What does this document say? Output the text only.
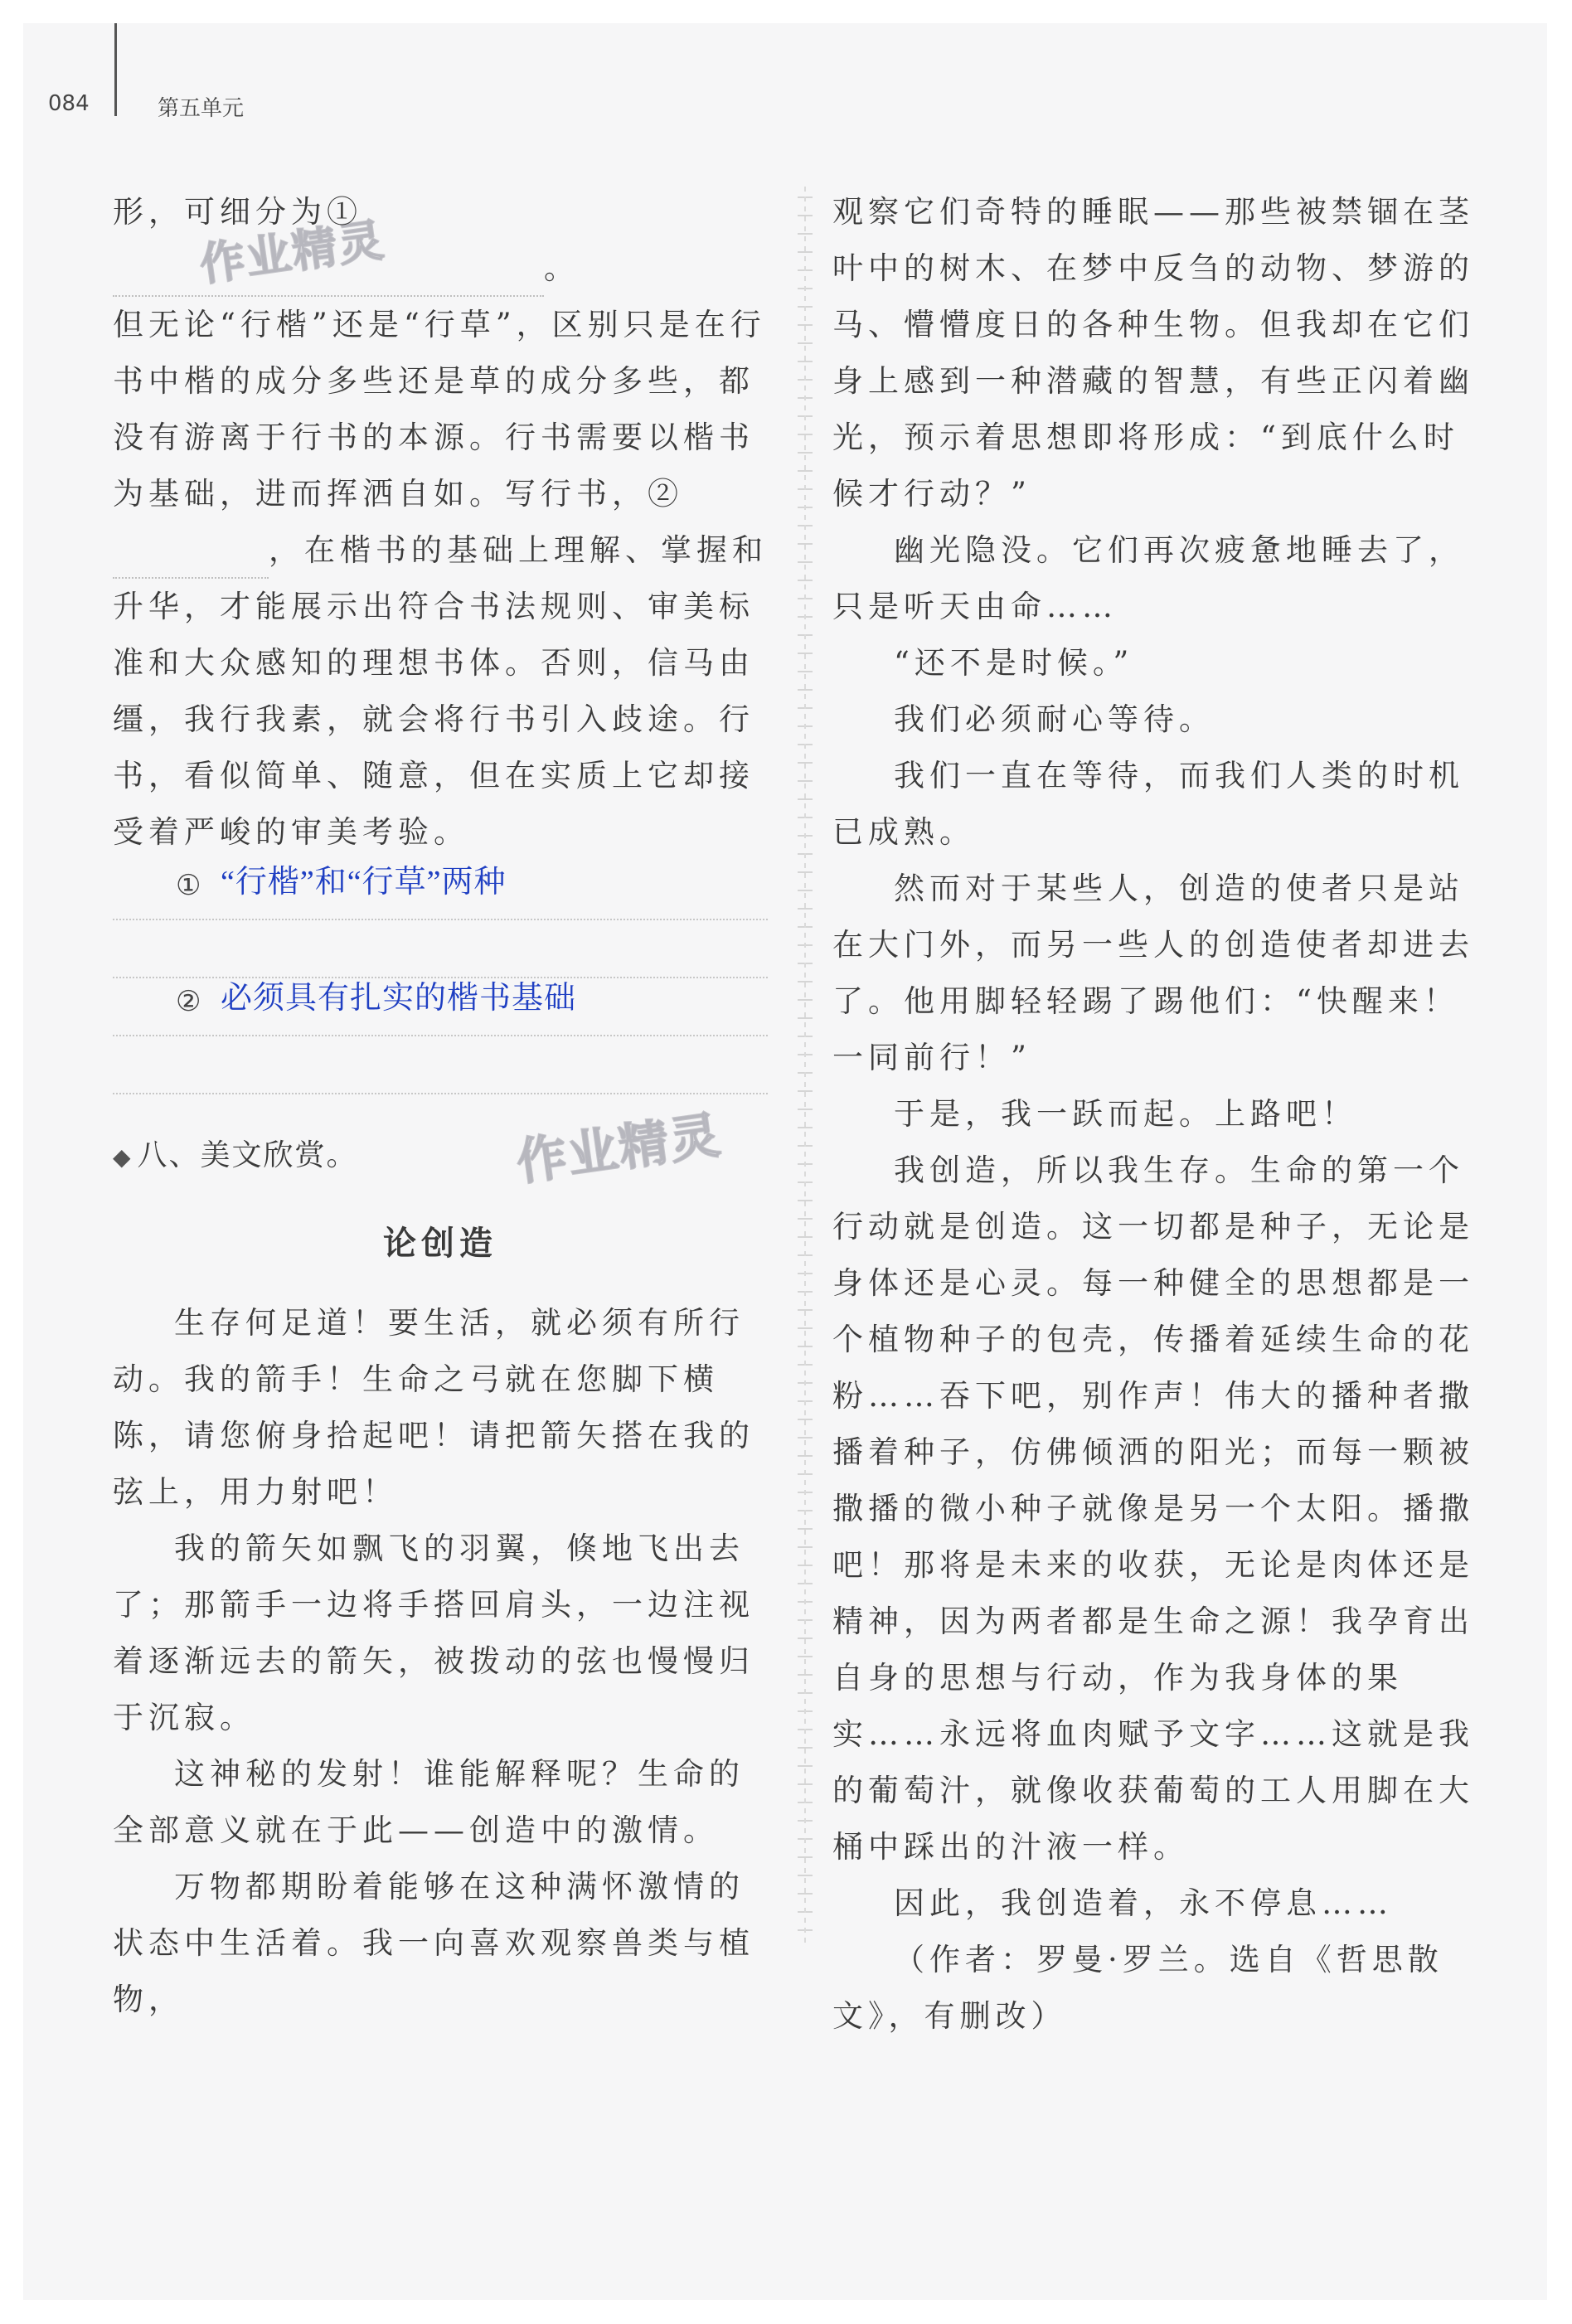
084	第五单元
作业精灵
作业精灵

形，可细分为①。

但无论“行楷”还是“行草”，区别只是在行书中楷的成分多些还是草的成分多些，都没有游离于行书的本源。行书需要以楷书为基础，进而挥洒自如。写行书，②

，在楷书的基础上理解、掌握和升华，才能展示出符合书法规则、审美标准和大众感知的理想书体。否则，信马由缰，我行我素，就会将行书引入歧途。行书，看似简单、随意，但在实质上它却接受着严峻的审美考验。

① “行楷”和“行草”两种
② 必须具有扎实的楷书基础
◆ 八、美文欣赏。
论创造

生存何足道！要生活，就必须有所行动。我的箭手！生命之弓就在您脚下横陈，请您俯身拾起吧！请把箭矢搭在我的弦上，用力射吧！

我的箭矢如飘飞的羽翼，倏地飞出去了；那箭手一边将手搭回肩头，一边注视着逐渐远去的箭矢，被拨动的弦也慢慢归于沉寂。

这神秘的发射！谁能解释呢？生命的全部意义就在于此——创造中的激情。

万物都期盼着能够在这种满怀激情的状态中生活着。我一向喜欢观察兽类与植物，

观察它们奇特的睡眠——那些被禁锢在茎叶中的树木、在梦中反刍的动物、梦游的马、懵懵度日的各种生物。但我却在它们身上感到一种潜藏的智慧，有些正闪着幽光，预示着思想即将形成：“到底什么时候才行动？”

幽光隐没。它们再次疲惫地睡去了，只是听天由命……

“还不是时候。”

我们必须耐心等待。

我们一直在等待，而我们人类的时机已成熟。

然而对于某些人，创造的使者只是站在大门外，而另一些人的创造使者却进去了。他用脚轻轻踢了踢他们：“快醒来！一同前行！”

于是，我一跃而起。上路吧！

我创造，所以我生存。生命的第一个行动就是创造。这一切都是种子，无论是身体还是心灵。每一种健全的思想都是一个植物种子的包壳，传播着延续生命的花粉……吞下吧，别作声！伟大的播种者撒播着种子，仿佛倾洒的阳光；而每一颗被撒播的微小种子就像是另一个太阳。播撒吧！那将是未来的收获，无论是肉体还是精神，因为两者都是生命之源！我孕育出自身的思想与行动，作为我身体的果实……永远将血肉赋予文字……这就是我的葡萄汁，就像收获葡萄的工人用脚在大桶中踩出的汁液一样。

因此，我创造着，永不停息……

（作者：罗曼·罗兰。选自《哲思散文》，有删改）
